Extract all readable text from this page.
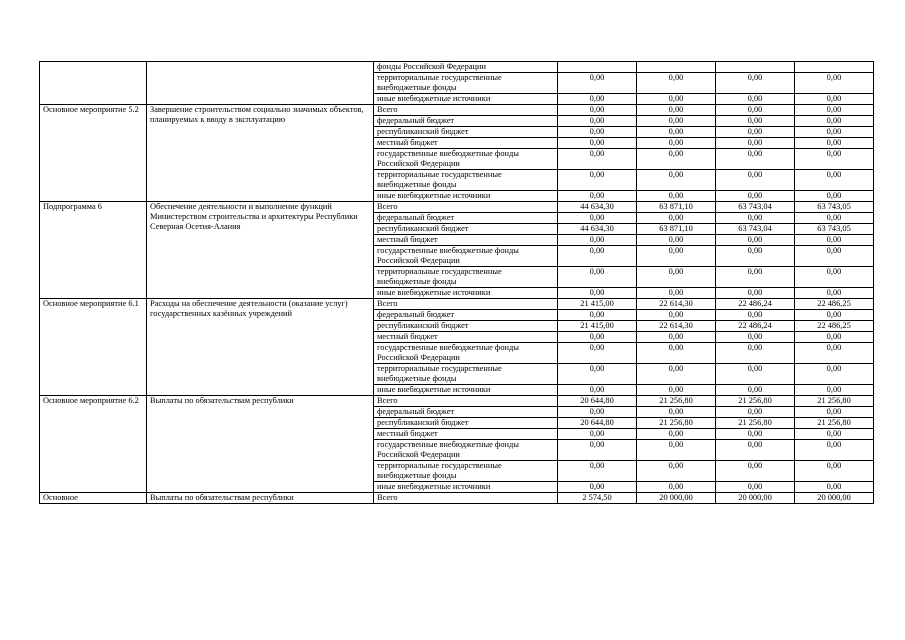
		фонды Российской Федерации				
		территориальные государственные внебюджетные фонды	0,00	0,00	0,00	0,00
		иные внебюджетные источники	0,00	0,00	0,00	0,00
Основное мероприятие 5.2	Завершение строительством социально значимых объектов, планируемых к вводу в эксплуатацию	Всего	0,00	0,00	0,00	0,00
		федеральный бюджет	0,00	0,00	0,00	0,00
		республиканский бюджет	0,00	0,00	0,00	0,00
		местный бюджет	0,00	0,00	0,00	0,00
		государственные внебюджетные фонды Российской Федерации	0,00	0,00	0,00	0,00
		территориальные государственные внебюджетные фонды	0,00	0,00	0,00	0,00
		иные внебюджетные источники	0,00	0,00	0,00	0,00
Подпрограмма 6	Обеспечение деятельности и выполнение функций Министерством строительства и архитектуры Республики Северная Осетия-Алания	Всего	44 634,30	63 871,10	63 743,04	63 743,05
		федеральный бюджет	0,00	0,00	0,00	0,00
		республиканский бюджет	44 634,30	63 871,10	63 743,04	63 743,05
		местный бюджет	0,00	0,00	0,00	0,00
		государственные внебюджетные фонды Российской Федерации	0,00	0,00	0,00	0,00
		территориальные государственные внебюджетные фонды	0,00	0,00	0,00	0,00
		иные внебюджетные источники	0,00	0,00	0,00	0,00
Основное мероприятие 6.1	Расходы на обеспечение деятельности (оказание услуг) государственных казённых учреждений	Всего	21 415,00	22 614,30	22 486,24	22 486,25
		федеральный бюджет	0,00	0,00	0,00	0,00
		республиканский бюджет	21 415,00	22 614,30	22 486,24	22 486,25
		местный бюджет	0,00	0,00	0,00	0,00
		государственные внебюджетные фонды Российской Федерации	0,00	0,00	0,00	0,00
		территориальные государственные внебюджетные фонды	0,00	0,00	0,00	0,00
		иные внебюджетные источники	0,00	0,00	0,00	0,00
Основное мероприятие 6.2	Выплаты по обязательствам республики	Всего	20 644,80	21 256,80	21 256,80	21 256,80
		федеральный бюджет	0,00	0,00	0,00	0,00
		республиканский бюджет	20 644,80	21 256,80	21 256,80	21 256,80
		местный бюджет	0,00	0,00	0,00	0,00
		государственные внебюджетные фонды Российской Федерации	0,00	0,00	0,00	0,00
		территориальные государственные внебюджетные фонды	0,00	0,00	0,00	0,00
		иные внебюджетные источники	0,00	0,00	0,00	0,00
Основное	Выплаты по обязательствам республики	Всего	2 574,50	20 000,00	20 000,00	20 000,00
